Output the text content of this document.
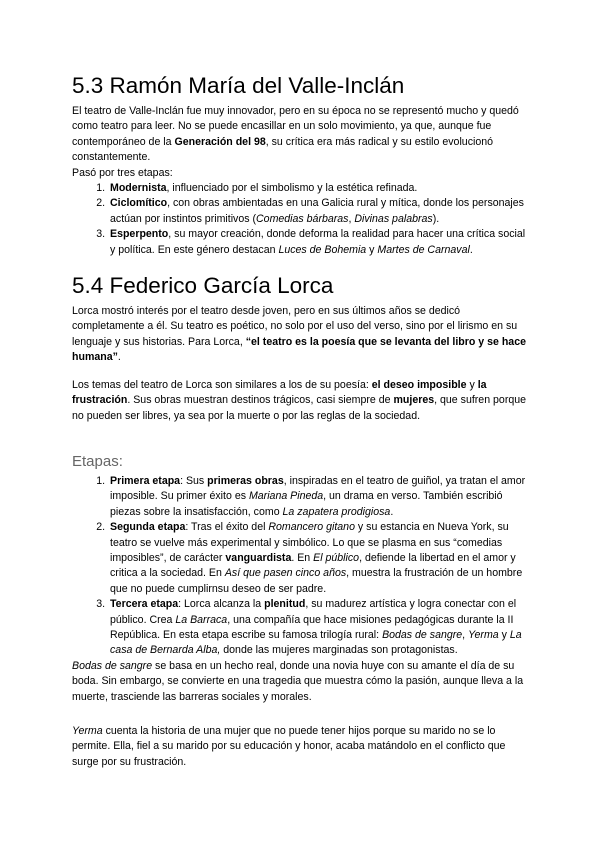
5.3 Ramón María del Valle-Inclán

El teatro de Valle-Inclán fue muy innovador, pero en su época no se representó mucho y quedó como teatro para leer. No se puede encasillar en un solo movimiento, ya que, aunque fue contemporáneo de la Generación del 98, su crítica era más radical y su estilo evolucionó constantemente.

Pasó por tres etapas:

1. Modernista, influenciado por el simbolismo y la estética refinada.
2. Ciclomítico, con obras ambientadas en una Galicia rural y mítica, donde los personajes actúan por instintos primitivos (Comedias bárbaras, Divinas palabras).
3. Esperpento, su mayor creación, donde deforma la realidad para hacer una crítica social y política. En este género destacan Luces de Bohemia y Martes de Carnaval.
5.4 Federico García Lorca

Lorca mostró interés por el teatro desde joven, pero en sus últimos años se dedicó completamente a él. Su teatro es poético, no solo por el uso del verso, sino por el lirismo en su lenguaje y sus historias. Para Lorca, “el teatro es la poesía que se levanta del libro y se hace humana”.

Los temas del teatro de Lorca son similares a los de su poesía: el deseo imposible y la frustración. Sus obras muestran destinos trágicos, casi siempre de mujeres, que sufren porque no pueden ser libres, ya sea por la muerte o por las reglas de la sociedad.

Etapas:
1. Primera etapa: Sus primeras obras, inspiradas en el teatro de guiñol, ya tratan el amor imposible. Su primer éxito es Mariana Pineda, un drama en verso. También escribió piezas sobre la insatisfacción, como La zapatera prodigiosa.
2. Segunda etapa: Tras el éxito del Romancero gitano y su estancia en Nueva York, su teatro se vuelve más experimental y simbólico. Lo que se plasma en sus “comedias imposibles”, de carácter vanguardista. En El público, defiende la libertad en el amor y critica a la sociedad. En Así que pasen cinco años, muestra la frustración de un hombre que no puede cumplirnsu deseo de ser padre.
3. Tercera etapa: Lorca alcanza la plenitud, su madurez artística y logra conectar con el público. Crea La Barraca, una compañía que hace misiones pedagógicas durante la II República. En esta etapa escribe su famosa trilogía rural: Bodas de sangre, Yerma y La casa de Bernarda Alba, donde las mujeres marginadas son protagonistas.

Bodas de sangre se basa en un hecho real, donde una novia huye con su amante el día de su boda. Sin embargo, se convierte en una tragedia que muestra cómo la pasión, aunque lleva a la muerte, trasciende las barreras sociales y morales.

Yerma cuenta la historia de una mujer que no puede tener hijos porque su marido no se lo permite. Ella, fiel a su marido por su educación y honor, acaba matándolo en el conflicto que surge por su frustración.
